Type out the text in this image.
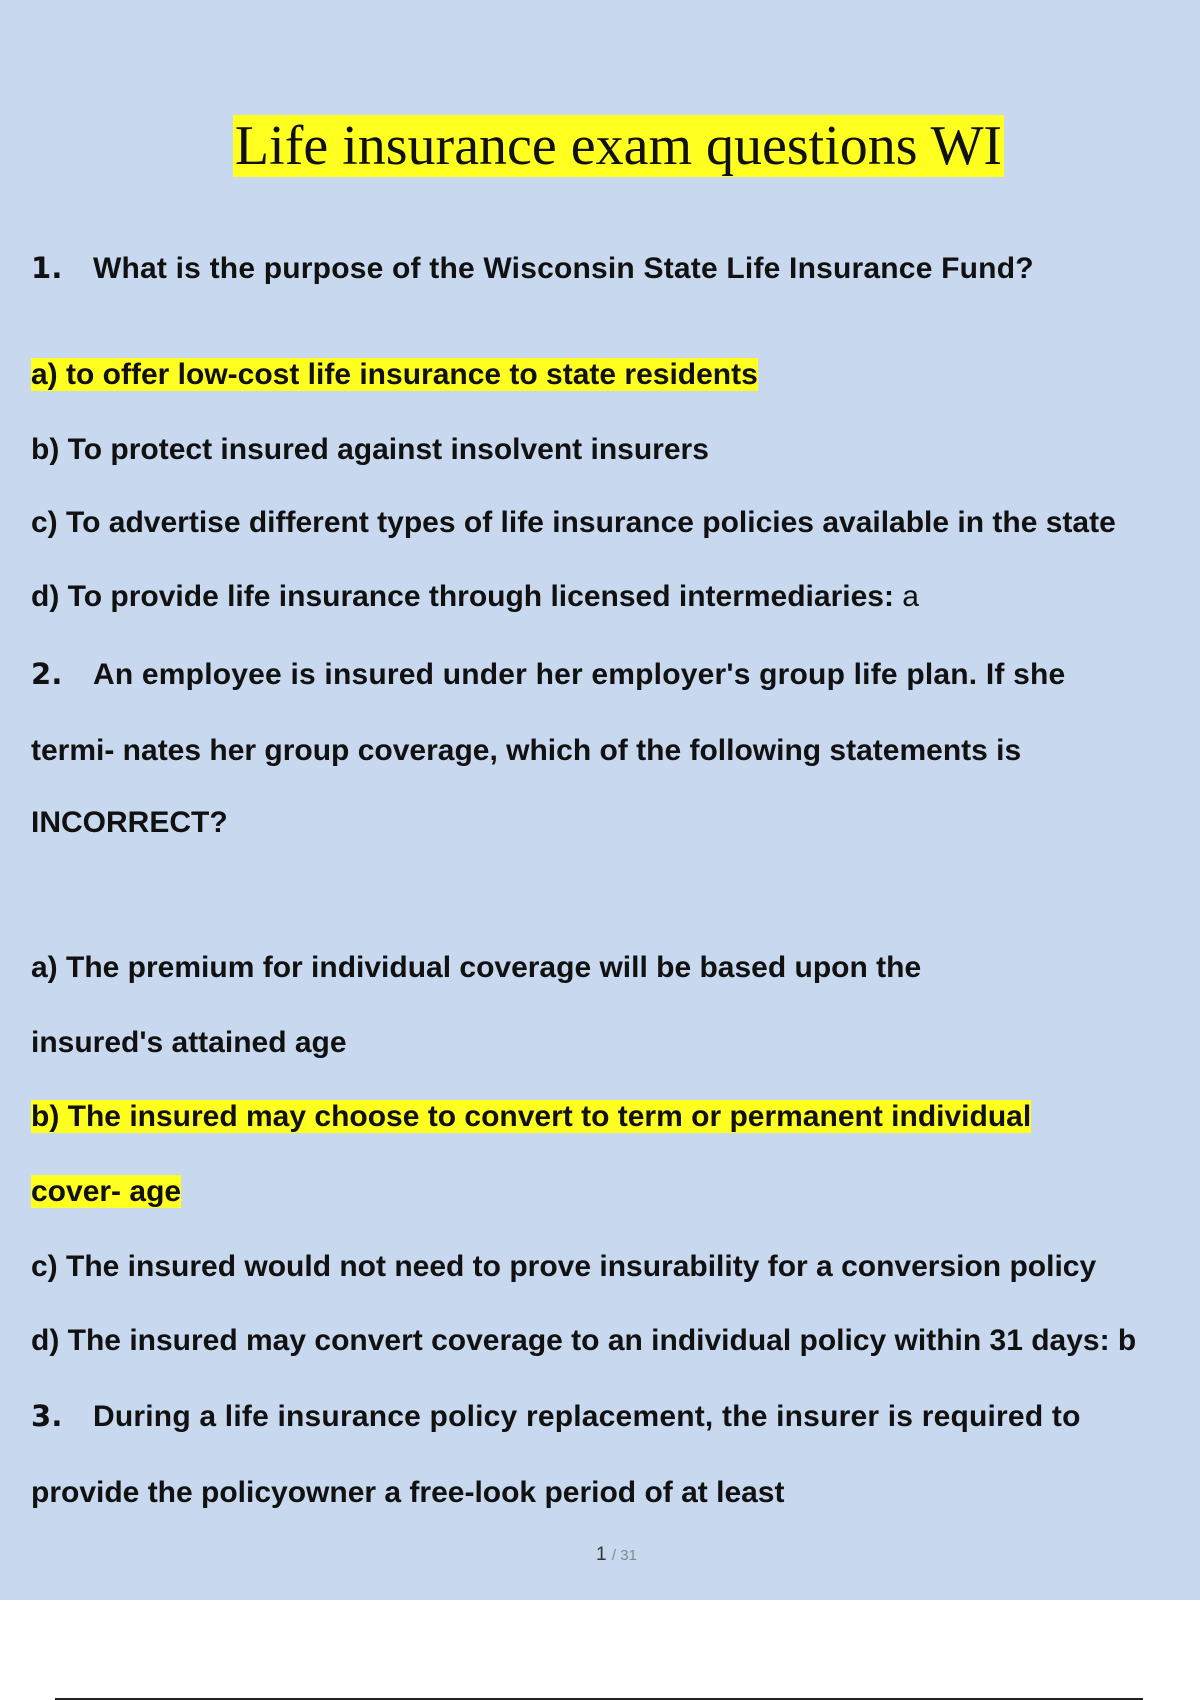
Life insurance exam questions WI
1. What is the purpose of the Wisconsin State Life Insurance Fund?
a) to offer low-cost life insurance to state residents
b) To protect insured against insolvent insurers
c) To advertise different types of life insurance policies available in the state
d) To provide life insurance through licensed intermediaries: a
2. An employee is insured under her employer's group life plan. If she
termi- nates her group coverage, which of the following statements is
INCORRECT?
a) The premium for individual coverage will be based upon the
insured's attained age
b) The insured may choose to convert to term or permanent individual
cover- age
c) The insured would not need to prove insurability for a conversion policy
d) The insured may convert coverage to an individual policy within 31 days: b
3. During a life insurance policy replacement, the insurer is required to
provide the policyowner a free-look period of at least
1 / 31
